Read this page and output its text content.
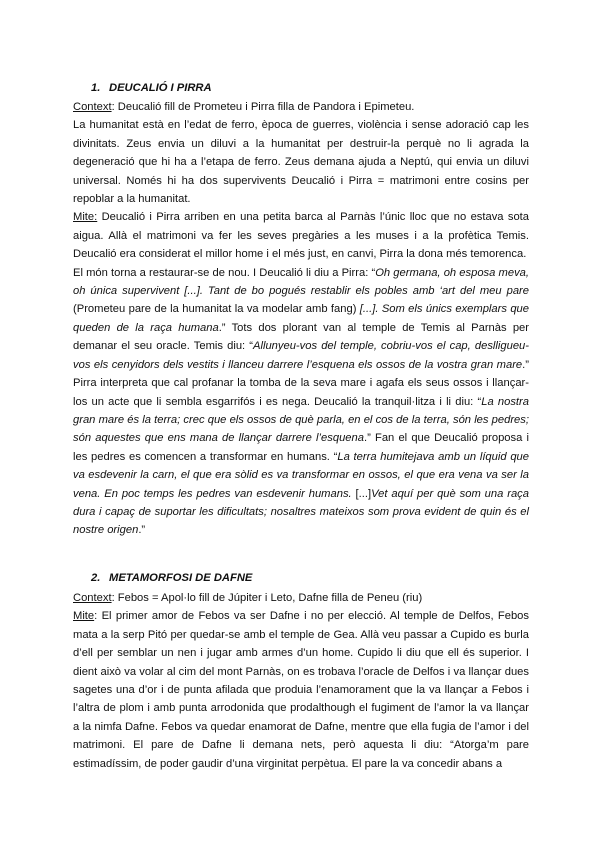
1. DEUCALIÓ I PIRRA

Context: Deucalió fill de Prometeu i Pirra filla de Pandora i Epimeteu.

La humanitat està en l’edat de ferro, època de guerres, violència i sense adoració cap les divinitats. Zeus envia un diluvi a la humanitat per destruir-la perquè no li agrada la degeneració que hi ha a l’etapa de ferro. Zeus demana ajuda a Neptú, qui envia un diluvi universal. Només hi ha dos supervivents Deucalió i Pirra = matrimoni entre cosins per repoblar a la humanitat.

Mite: Deucalió i Pirra arriben en una petita barca al Parnàs l’únic lloc que no estava sota aigua. Allà el matrimoni va fer les seves pregàries a les muses i a la profètica Temis. Deucalió era considerat el millor home i el més just, en canvi, Pirra la dona més temorenca.

El món torna a restaurar-se de nou. I Deucalió li diu a Pirra: “Oh germana, oh esposa meva, oh única supervivent [...]. Tant de bo pogués restablir els pobles amb ‘art del meu pare (Prometeu pare de la humanitat la va modelar amb fang) [...]. Som els únics exemplars que queden de la raça humana.” Tots dos plorant van al temple de Temis al Parnàs per demanar el seu oracle. Temis diu: “Allunyeu-vos del temple, cobriu-vos el cap, deslligueu-vos els cenyidors dels vestits i llanceu darrere l’esquena els ossos de la vostra gran mare.” Pirra interpreta que cal profanar la tomba de la seva mare i agafa els seus ossos i llançar-los un acte que li sembla esgarrifós i es nega. Deucalió la tranquil·litza i li diu: “La nostra gran mare és la terra; crec que els ossos de què parla, en el cos de la terra, són les pedres; són aquestes que ens mana de llançar darrere l’esquena.” Fan el que Deucalió proposa i les pedres es comencen a transformar en humans. “La terra humitejava amb un líquid que va esdevenir la carn, el que era sòlid es va transformar en ossos, el que era vena va ser la vena. En poc temps les pedres van esdevenir humans. [...]Vet aquí per què som una raça dura i capaç de suportar les dificultats; nosaltres mateixos som prova evident de quin és el nostre origen.”

2. METAMORFOSI DE DAFNE

Context: Febos = Apol·lo fill de Júpiter i Leto, Dafne filla de Peneu (riu)

Mite: El primer amor de Febos va ser Dafne i no per elecció. Al temple de Delfos, Febos mata a la serp Pitó per quedar-se amb el temple de Gea. Allà veu passar a Cupido es burla d’ell per semblar un nen i jugar amb armes d’un home. Cupido li diu que ell és superior. I dient això va volar al cim del mont Parnàs, on es trobava l’oracle de Delfos i va llançar dues sagetes una d’or i de punta afilada que produia l’enamorament que la va llançar a Febos i l’altra de plom i amb punta arrodonida que prodalthough el fugiment de l’amor la va llançar a la nimfa Dafne. Febos va quedar enamorat de Dafne, mentre que ella fugia de l’amor i del matrimoni. El pare de Dafne li demana nets, però aquesta li diu: “Atorga’m pare estimadíssim, de poder gaudir d’una virginitat perpètua. El pare la va concedir abans a
